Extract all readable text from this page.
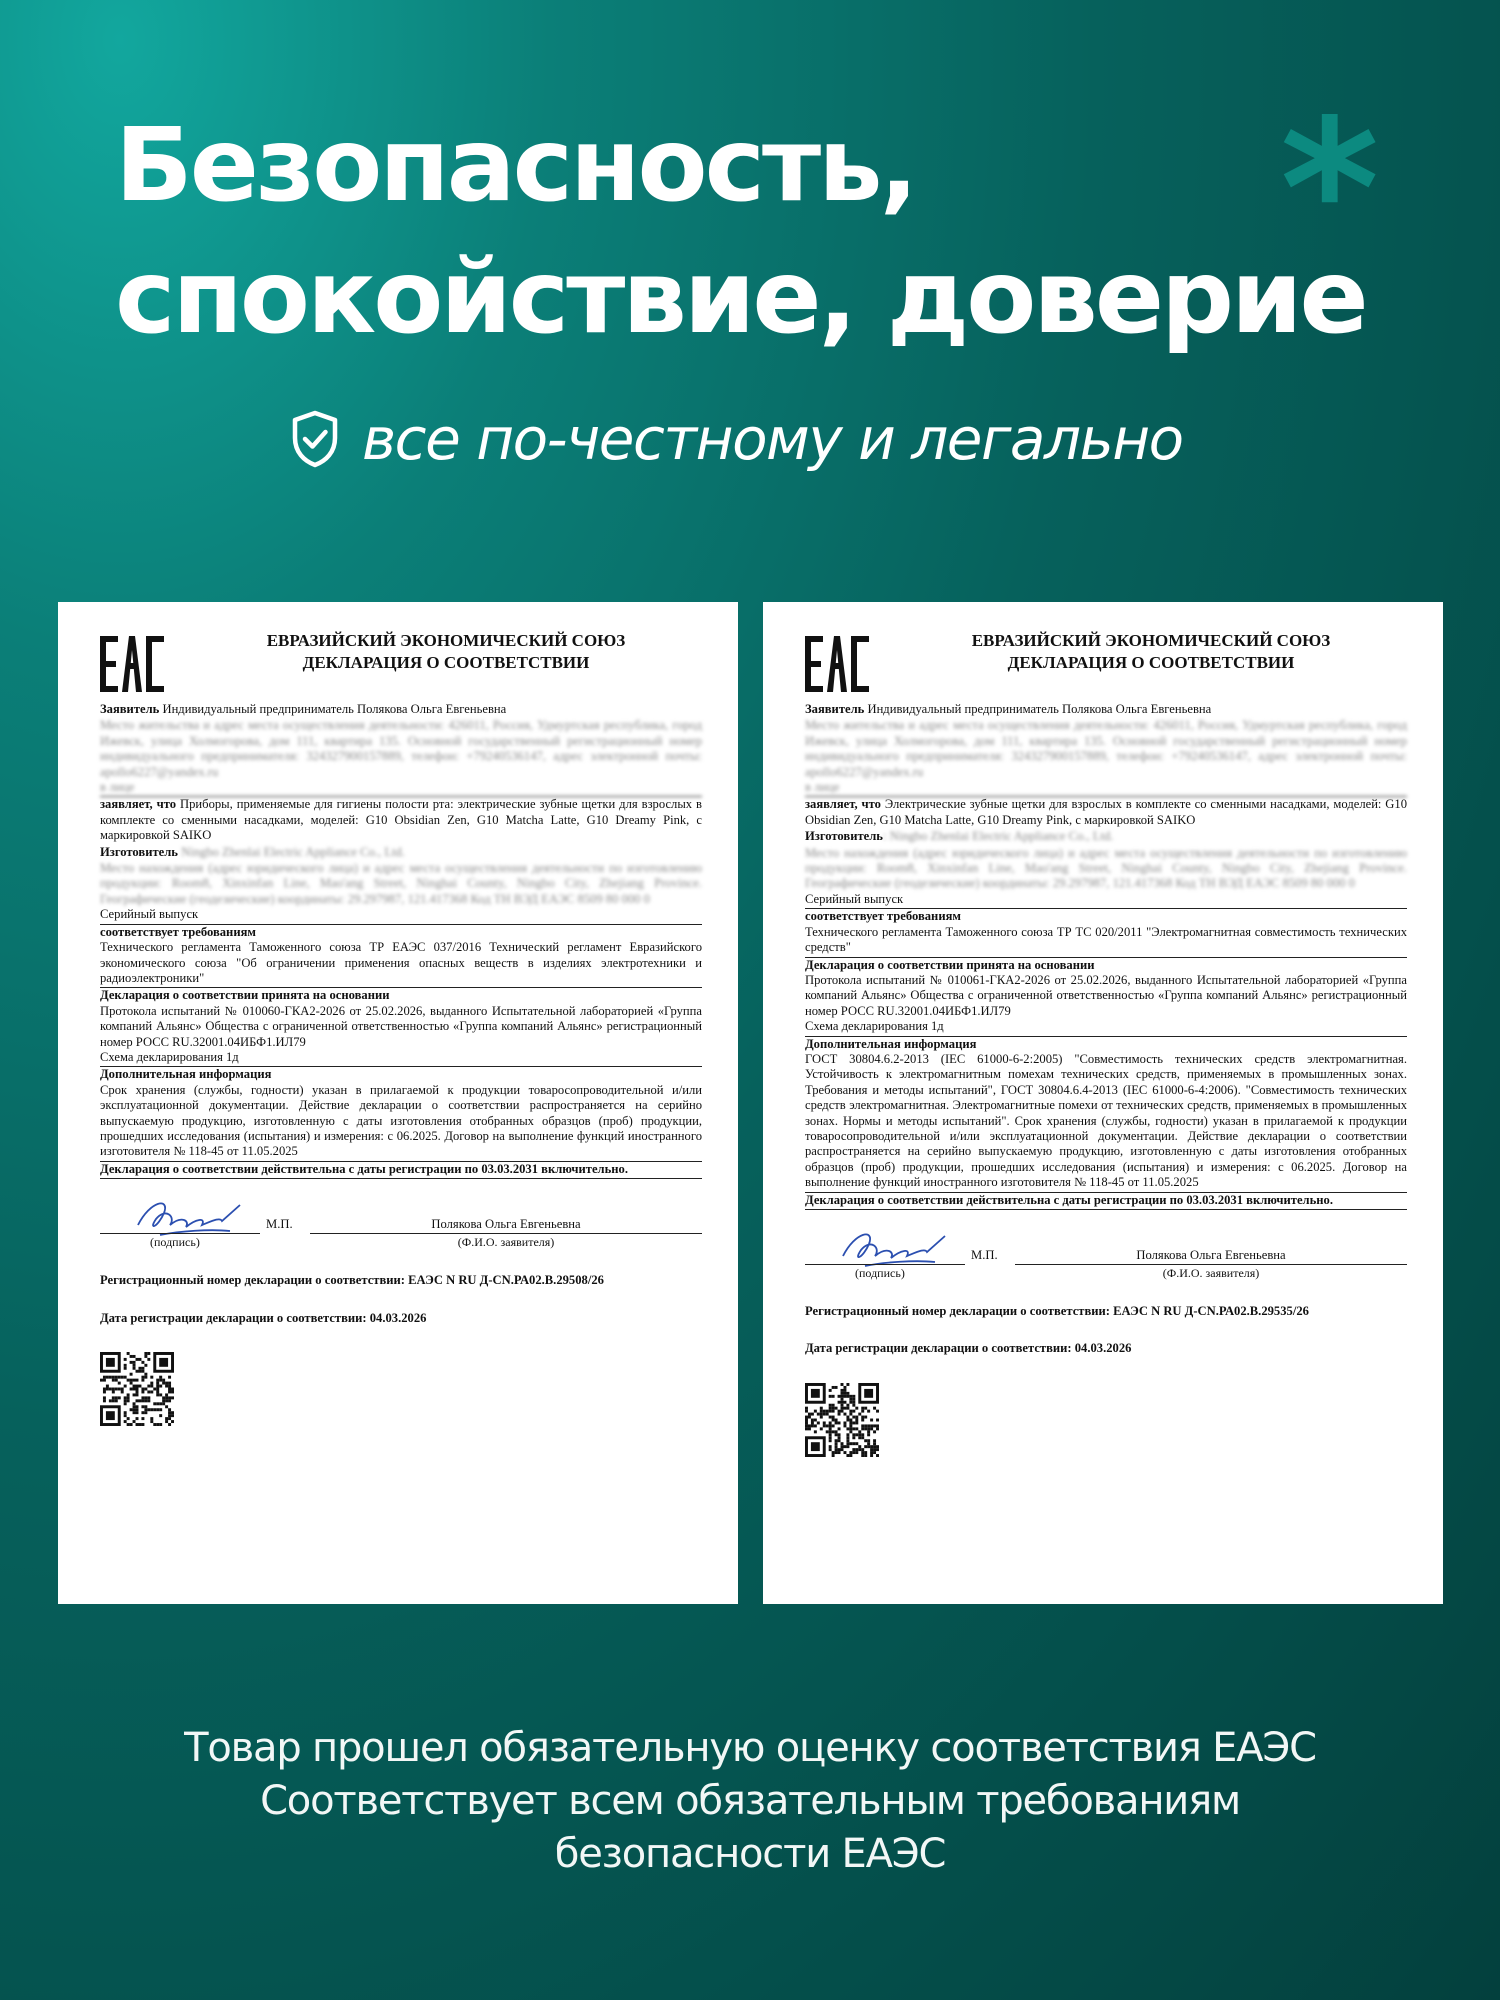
*
Безопасность,
спокойствие, доверие
все по-честному и легально
ЕВРАЗИЙСКИЙ ЭКОНОМИЧЕСКИЙ СОЮЗ
ДЕКЛАРАЦИЯ О СООТВЕТСТВИИ
Заявитель Индивидуальный предприниматель Полякова Ольга Евгеньевна
Место жительства и адрес места осуществления деятельности: 426011, Россия, Удмуртская республика, город Ижевск, улица Холмогорова, дом 111, квартира 135. Основной государственный регистрационный номер индивидуального предпринимателя: 324327900157889, телефон: +79240536147, адрес электронной почты: apollo6227@yandex.ru
в лице
заявляет, что Приборы, применяемые для гигиены полости рта: электрические зубные щетки для взрослых в комплекте со сменными насадками, моделей: G10 Obsidian Zen, G10 Matcha Latte, G10 Dreamy Pink, с маркировкой SAIKO
Изготовитель Ningbo Zhenlai Electric Appliance Co., Ltd.
Место нахождения (адрес юридического лица) и адрес места осуществления деятельности по изготовлению продукции: Room8, Xinxinfan Line, Mao'ang Street, Ninghai County, Ningbo City, Zhejiang Province. Географические (геодезические) координаты: 29.297987, 121.417368 Код ТН ВЭД ЕАЭС 8509 80 000 0
Серийный выпуск
соответствует требованиям
Технического регламента Таможенного союза ТР ЕАЭС 037/2016 Технический регламент Евразийского экономического союза "Об ограничении применения опасных веществ в изделиях электротехники и радиоэлектроники"
Декларация о соответствии принята на основании
Протокола испытаний № 010060-ГКА2-2026 от 25.02.2026, выданного Испытательной лабораторией «Группа компаний Альянс» Общества с ограниченной ответственностью «Группа компаний Альянс» регистрационный номер РОСС RU.32001.04ИБФ1.ИЛ79
Схема декларирования 1д
Дополнительная информация
Срок хранения (службы, годности) указан в прилагаемой к продукции товаросопроводительной и/или эксплуатационной документации. Действие декларации о соответствии распространяется на серийно выпускаемую продукцию, изготовленную с даты изготовления отобранных образцов (проб) продукции, прошедших исследования (испытания) и измерения: с 06.2025. Договор на выполнение функций иностранного изготовителя № 118-45 от 11.05.2025
Декларация о соответствии действительна с даты регистрации по 03.03.2031 включительно.
(подпись)
М.П.	Полякова Ольга Евгеньевна
(Ф.И.О. заявителя)
Регистрационный номер декларации о соответствии: ЕАЭС N RU Д-CN.РА02.В.29508/26
Дата регистрации декларации о соответствии: 04.03.2026
ЕВРАЗИЙСКИЙ ЭКОНОМИЧЕСКИЙ СОЮЗ
ДЕКЛАРАЦИЯ О СООТВЕТСТВИИ
Заявитель Индивидуальный предприниматель Полякова Ольга Евгеньевна
Место жительства и адрес места осуществления деятельности: 426011, Россия, Удмуртская республика, город Ижевск, улица Холмогорова, дом 111, квартира 135. Основной государственный регистрационный номер индивидуального предпринимателя: 324327900157889, телефон: +79240536147, адрес электронной почты: apollo6227@yandex.ru
в лице
заявляет, что Электрические зубные щетки для взрослых в комплекте со сменными насадками, моделей: G10 Obsidian Zen, G10 Matcha Latte, G10 Dreamy Pink, с маркировкой SAIKO
Изготовитель: Ningbo Zhenlai Electric Appliance Co., Ltd.
Место нахождения (адрес юридического лица) и адрес места осуществления деятельности по изготовлению продукции: Room8, Xinxinfan Line, Mao'ang Street, Ninghai County, Ningbo City, Zhejiang Province. Географические (геодезические) координаты: 29.297987, 121.417368 Код ТН ВЭД ЕАЭС 8509 80 000 0
Серийный выпуск
соответствует требованиям
Технического регламента Таможенного союза ТР ТС 020/2011 "Электромагнитная совместимость технических средств"
Декларация о соответствии принята на основании
Протокола испытаний № 010061-ГКА2-2026 от 25.02.2026, выданного Испытательной лабораторией «Группа компаний Альянс» Общества с ограниченной ответственностью «Группа компаний Альянс» регистрационный номер РОСС RU.32001.04ИБФ1.ИЛ79
Схема декларирования 1д
Дополнительная информация
ГОСТ 30804.6.2-2013 (IEC 61000-6-2:2005) "Совместимость технических средств электромагнитная. Устойчивость к электромагнитным помехам технических средств, применяемых в промышленных зонах. Требования и методы испытаний", ГОСТ 30804.6.4-2013 (IEC 61000-6-4:2006). "Совместимость технических средств электромагнитная. Электромагнитные помехи от технических средств, применяемых в промышленных зонах. Нормы и методы испытаний". Срок хранения (службы, годности) указан в прилагаемой к продукции товаросопроводительной и/или эксплуатационной документации. Действие декларации о соответствии распространяется на серийно выпускаемую продукцию, изготовленную с даты изготовления отобранных образцов (проб) продукции, прошедших исследования (испытания) и измерения: с 06.2025. Договор на выполнение функций иностранного изготовителя № 118-45 от 11.05.2025
Декларация о соответствии действительна с даты регистрации по 03.03.2031 включительно.
(подпись)
М.П.	Полякова Ольга Евгеньевна
(Ф.И.О. заявителя)
Регистрационный номер декларации о соответствии: ЕАЭС N RU Д-CN.РА02.В.29535/26
Дата регистрации декларации о соответствии: 04.03.2026
Товар прошел обязательную оценку соответствия ЕАЭС
Соответствует всем обязательным требованиям
безопасности ЕАЭС
